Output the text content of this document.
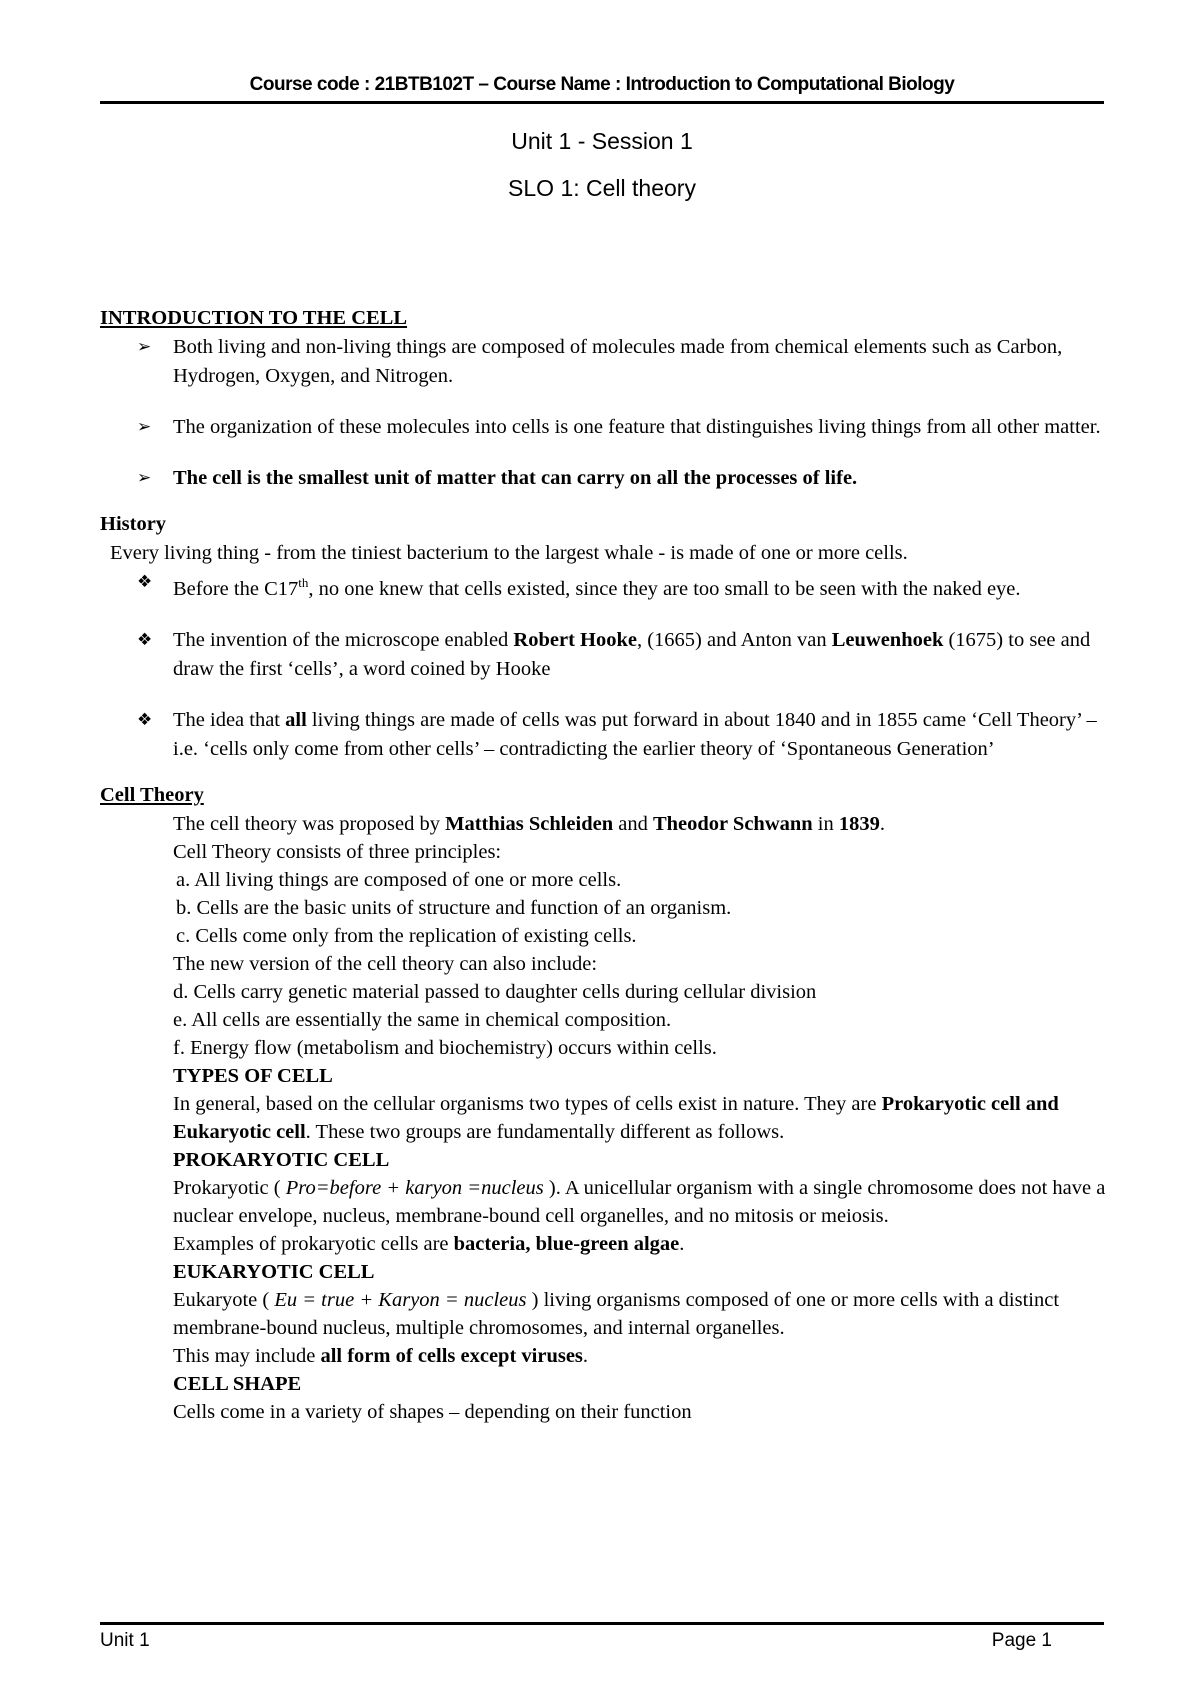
Course code : 21BTB102T – Course Name : Introduction to Computational Biology
Unit 1 - Session 1
SLO 1: Cell theory
INTRODUCTION TO THE CELL
➢	Both living and non-living things are composed of molecules made from chemical elements such as Carbon, Hydrogen, Oxygen, and Nitrogen.
➢	The organization of these molecules into cells is one feature that distinguishes living things from all other matter.
➢	The cell is the smallest unit of matter that can carry on all the processes of life.
History
Every living thing - from the tiniest bacterium to the largest whale - is made of one or more cells.
❖	Before the C17th, no one knew that cells existed, since they are too small to be seen with the naked eye.
❖	The invention of the microscope enabled Robert Hooke, (1665) and Anton van Leuwenhoek (1675) to see and draw the first ‘cells’, a word coined by Hooke
❖	The idea that all living things are made of cells was put forward in about 1840 and in 1855 came ‘Cell Theory’ – i.e. ‘cells only come from other cells’ – contradicting the earlier theory of ‘Spontaneous Generation’
Cell Theory
The cell theory was proposed by Matthias Schleiden and Theodor Schwann in 1839.
Cell Theory consists of three principles:
a. All living things are composed of one or more cells.
b. Cells are the basic units of structure and function of an organism.
c. Cells come only from the replication of existing cells.
The new version of the cell theory can also include:
d. Cells carry genetic material passed to daughter cells during cellular division
e. All cells are essentially the same in chemical composition.
f. Energy flow (metabolism and biochemistry) occurs within cells.
TYPES OF CELL
In general, based on the cellular organisms two types of cells exist in nature. They are Prokaryotic cell and Eukaryotic cell. These two groups are fundamentally different as follows.
PROKARYOTIC CELL
Prokaryotic ( Pro=before + karyon =nucleus ). A unicellular organism with a single chromosome does not have a nuclear envelope, nucleus, membrane-bound cell organelles, and no mitosis or meiosis.
Examples of prokaryotic cells are bacteria, blue-green algae.
EUKARYOTIC CELL
Eukaryote ( Eu = true + Karyon = nucleus ) living organisms composed of one or more cells with a distinct membrane-bound nucleus, multiple chromosomes, and internal organelles.
This may include all form of cells except viruses.
CELL SHAPE
Cells come in a variety of shapes – depending on their function
Unit 1	Page 1
